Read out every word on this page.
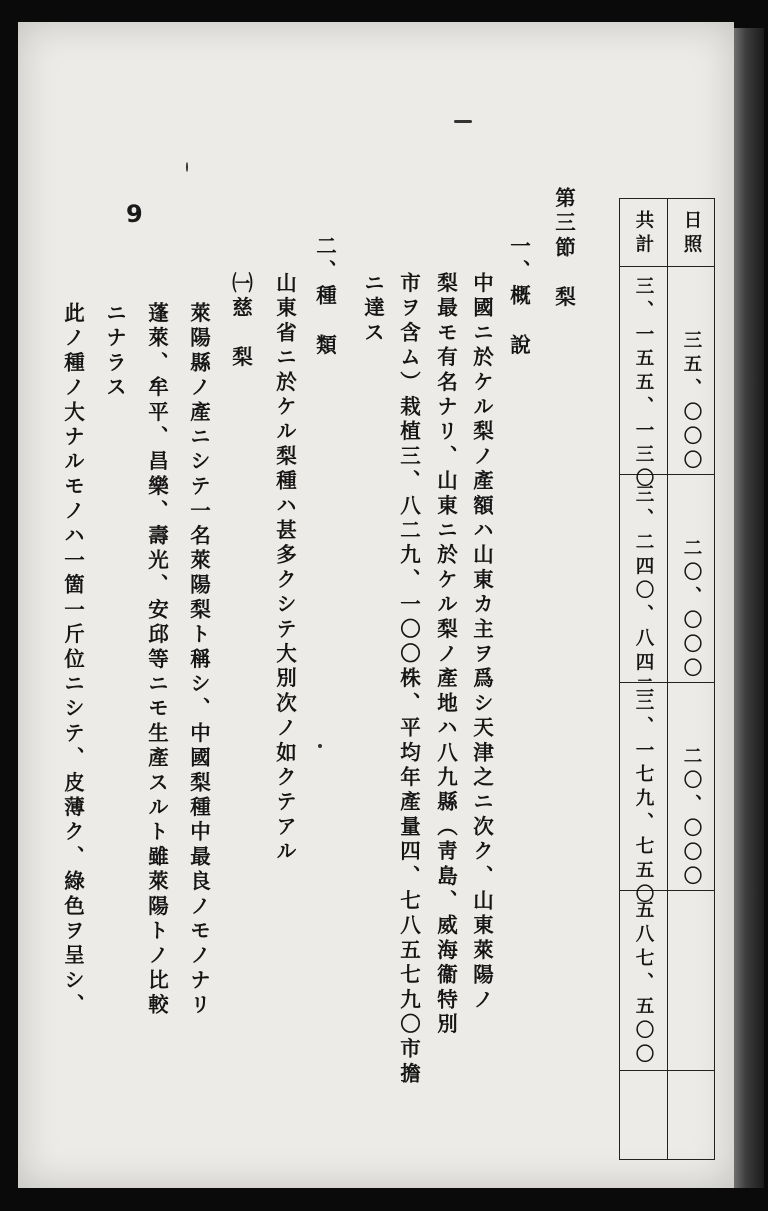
9	日照
共計
三五、〇〇〇
三、一五五、一三〇
二〇、〇〇〇
三、二四〇、八四二
二〇、〇〇〇
三、一七九、七五〇
五八七、五〇〇
第三節　梨
一、概　說
中國ニ於ケル梨ノ產額ハ山東カ主ヲ爲シ天津之ニ次ク、山東萊陽ノ
梨最モ有名ナリ、山東ニ於ケル梨ノ產地ハ八九縣（靑島、威海衞特別
市ヲ含ム）栽植三、八二九、一〇〇株、平均年產量四、七八五七九〇市擔
ニ達ス
二、種　類
山東省ニ於ケル梨種ハ甚多クシテ大別次ノ如クテアル
㈠慈　梨
萊陽縣ノ產ニシテ一名萊陽梨ト稱シ、中國梨種中最良ノモノナリ
蓬萊、牟平、昌樂、壽光、安邱等ニモ生產スルト雖萊陽トノ比較
ニナラス
此ノ種ノ大ナルモノハ一箇一斤位ニシテ、皮薄ク、綠色ヲ呈シ、
